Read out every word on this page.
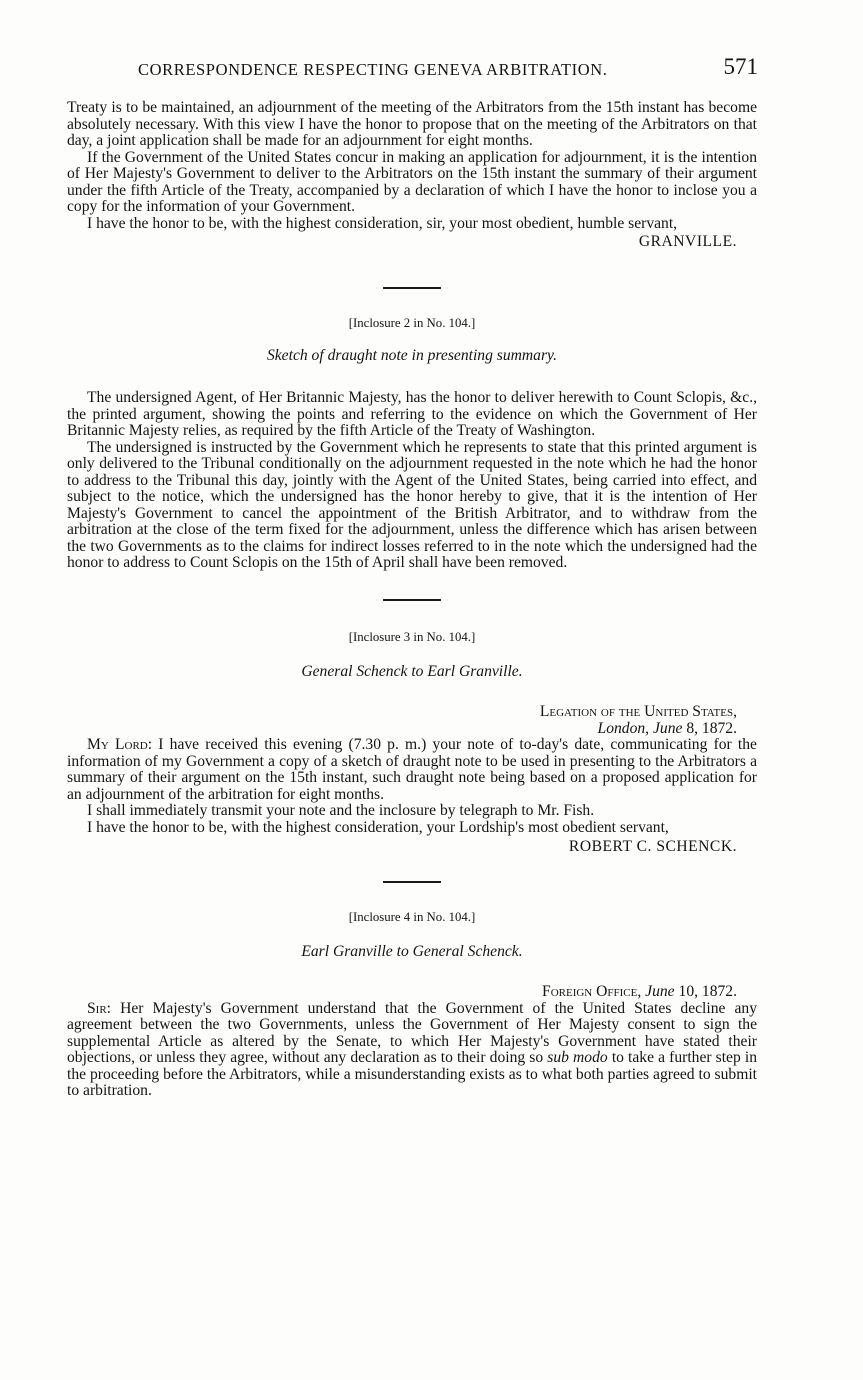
CORRESPONDENCE RESPECTING GENEVA ARBITRATION.	571

Treaty is to be maintained, an adjournment of the meeting of the Arbitrators from the 15th instant has become absolutely necessary. With this view I have the honor to propose that on the meeting of the Arbitrators on that day, a joint application shall be made for an adjournment for eight months.

If the Government of the United States concur in making an application for adjournment, it is the intention of Her Majesty's Government to deliver to the Arbitrators on the 15th instant the summary of their argument under the fifth Article of the Treaty, accompanied by a declaration of which I have the honor to inclose you a copy for the information of your Government.

I have the honor to be, with the highest consideration, sir, your most obedient, humble servant,

GRANVILLE.
[Inclosure 2 in No. 104.]
Sketch of draught note in presenting summary.

The undersigned Agent, of Her Britannic Majesty, has the honor to deliver herewith to Count Sclopis, &c., the printed argument, showing the points and referring to the evidence on which the Government of Her Britannic Majesty relies, as required by the fifth Article of the Treaty of Washington.

The undersigned is instructed by the Government which he represents to state that this printed argument is only delivered to the Tribunal conditionally on the adjournment requested in the note which he had the honor to address to the Tribunal this day, jointly with the Agent of the United States, being carried into effect, and subject to the notice, which the undersigned has the honor hereby to give, that it is the intention of Her Majesty's Government to cancel the appointment of the British Arbitrator, and to withdraw from the arbitration at the close of the term fixed for the adjournment, unless the difference which has arisen between the two Governments as to the claims for indirect losses referred to in the note which the undersigned had the honor to address to Count Sclopis on the 15th of April shall have been removed.

[Inclosure 3 in No. 104.]
General Schenck to Earl Granville.
Legation of the United States,
London, June 8, 1872.

My Lord: I have received this evening (7.30 p. m.) your note of to-day's date, communicating for the information of my Government a copy of a sketch of draught note to be used in presenting to the Arbitrators a summary of their argument on the 15th instant, such draught note being based on a proposed application for an adjournment of the arbitration for eight months.

I shall immediately transmit your note and the inclosure by telegraph to Mr. Fish.

I have the honor to be, with the highest consideration, your Lordship's most obedient servant,

ROBERT C. SCHENCK.
[Inclosure 4 in No. 104.]
Earl Granville to General Schenck.
Foreign Office, June 10, 1872.

Sir: Her Majesty's Government understand that the Government of the United States decline any agreement between the two Governments, unless the Government of Her Majesty consent to sign the supplemental Article as altered by the Senate, to which Her Majesty's Government have stated their objections, or unless they agree, without any declaration as to their doing so sub modo to take a further step in the proceeding before the Arbitrators, while a misunderstanding exists as to what both parties agreed to submit to arbitration.
